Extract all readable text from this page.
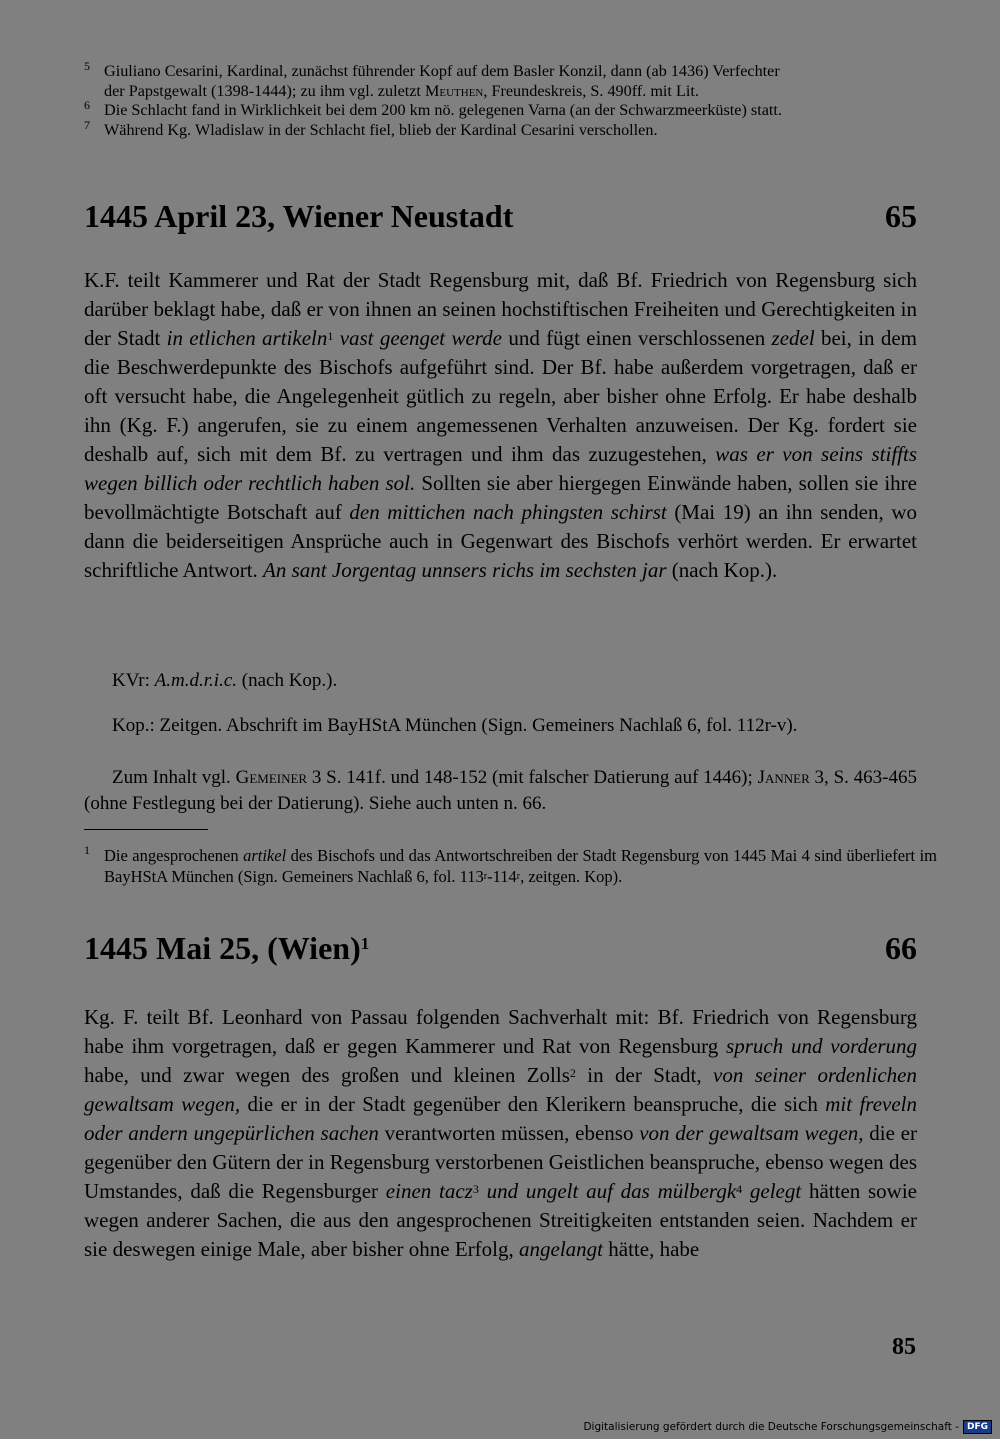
5 Giuliano Cesarini, Kardinal, zunächst führender Kopf auf dem Basler Konzil, dann (ab 1436) Verfechter
der Papstgewalt (1398-1444); zu ihm vgl. zuletzt Meuthen, Freundeskreis, S. 490ff. mit Lit.

6 Die Schlacht fand in Wirklichkeit bei dem 200 km nö. gelegenen Varna (an der Schwarzmeerküste) statt.

7 Während Kg. Wladislaw in der Schlacht fiel, blieb der Kardinal Cesarini verschollen.

1445 April 23, Wiener Neustadt	65

K.F. teilt Kammerer und Rat der Stadt Regensburg mit, daß Bf. Friedrich von Regensburg sich darüber beklagt habe, daß er von ihnen an seinen hochstiftischen Freiheiten und Gerechtigkeiten in der Stadt in etlichen artikeln$^1$ vast geenget werde und fügt einen verschlossenen zedel bei, in dem die Beschwerdepunkte des Bischofs aufgeführt sind. Der Bf. habe außerdem vorgetragen, daß er oft versucht habe, die Angelegenheit gütlich zu regeln, aber bisher ohne Erfolg. Er habe deshalb ihn (Kg. F.) angerufen, sie zu einem angemessenen Verhalten anzuweisen. Der Kg. fordert sie deshalb auf, sich mit dem Bf. zu vertragen und ihm das zuzugestehen, was er von seins stiffts wegen billich oder rechtlich haben sol. Sollten sie aber hiergegen Einwände haben, sollen sie ihre bevollmächtigte Botschaft auf den mittichen nach phingsten schirst (Mai 19) an ihn senden, wo dann die beiderseitigen Ansprüche auch in Gegenwart des Bischofs verhört werden. Er erwartet schriftliche Antwort. An sant Jorgentag unnsers richs im sechsten jar (nach Kop.).

KVr: A.m.d.r.i.c. (nach Kop.).

Kop.: Zeitgen. Abschrift im BayHStA München (Sign. Gemeiners Nachlaß 6, fol. 112r-v).

Zum Inhalt vgl. Gemeiner 3 S. 141f. und 148-152 (mit falscher Datierung auf 1446); Janner 3, S. 463-465 (ohne Festlegung bei der Datierung). Siehe auch unten n. 66.

1 Die angesprochenen artikel des Bischofs und das Antwortschreiben der Stadt Regensburg von 1445 Mai 4 sind überliefert im BayHStA München (Sign. Gemeiners Nachlaß 6, fol. 113$^r$-114$^r$, zeitgen. Kop).

1445 Mai 25, (Wien)$^1$	66

Kg. F. teilt Bf. Leonhard von Passau folgenden Sachverhalt mit: Bf. Friedrich von Regensburg habe ihm vorgetragen, daß er gegen Kammerer und Rat von Regensburg spruch und vorderung habe, und zwar wegen des großen und kleinen Zolls$^2$ in der Stadt, von seiner ordenlichen gewaltsam wegen, die er in der Stadt gegenüber den Klerikern beanspruche, die sich mit freveln oder andern ungepürlichen sachen verantworten müssen, ebenso von der gewaltsam wegen, die er gegenüber den Gütern der in Regensburg verstorbenen Geistlichen beanspruche, ebenso wegen des Umstandes, daß die Regensburger einen tacz$^3$ und ungelt auf das mülbergk$^4$ gelegt hätten sowie wegen anderer Sachen, die aus den angesprochenen Streitigkeiten entstanden seien. Nachdem er sie deswegen einige Male, aber bisher ohne Erfolg, angelangt hätte, habe

85
Digitalisierung gefördert durch die Deutsche Forschungsgemeinschaft - DFG
